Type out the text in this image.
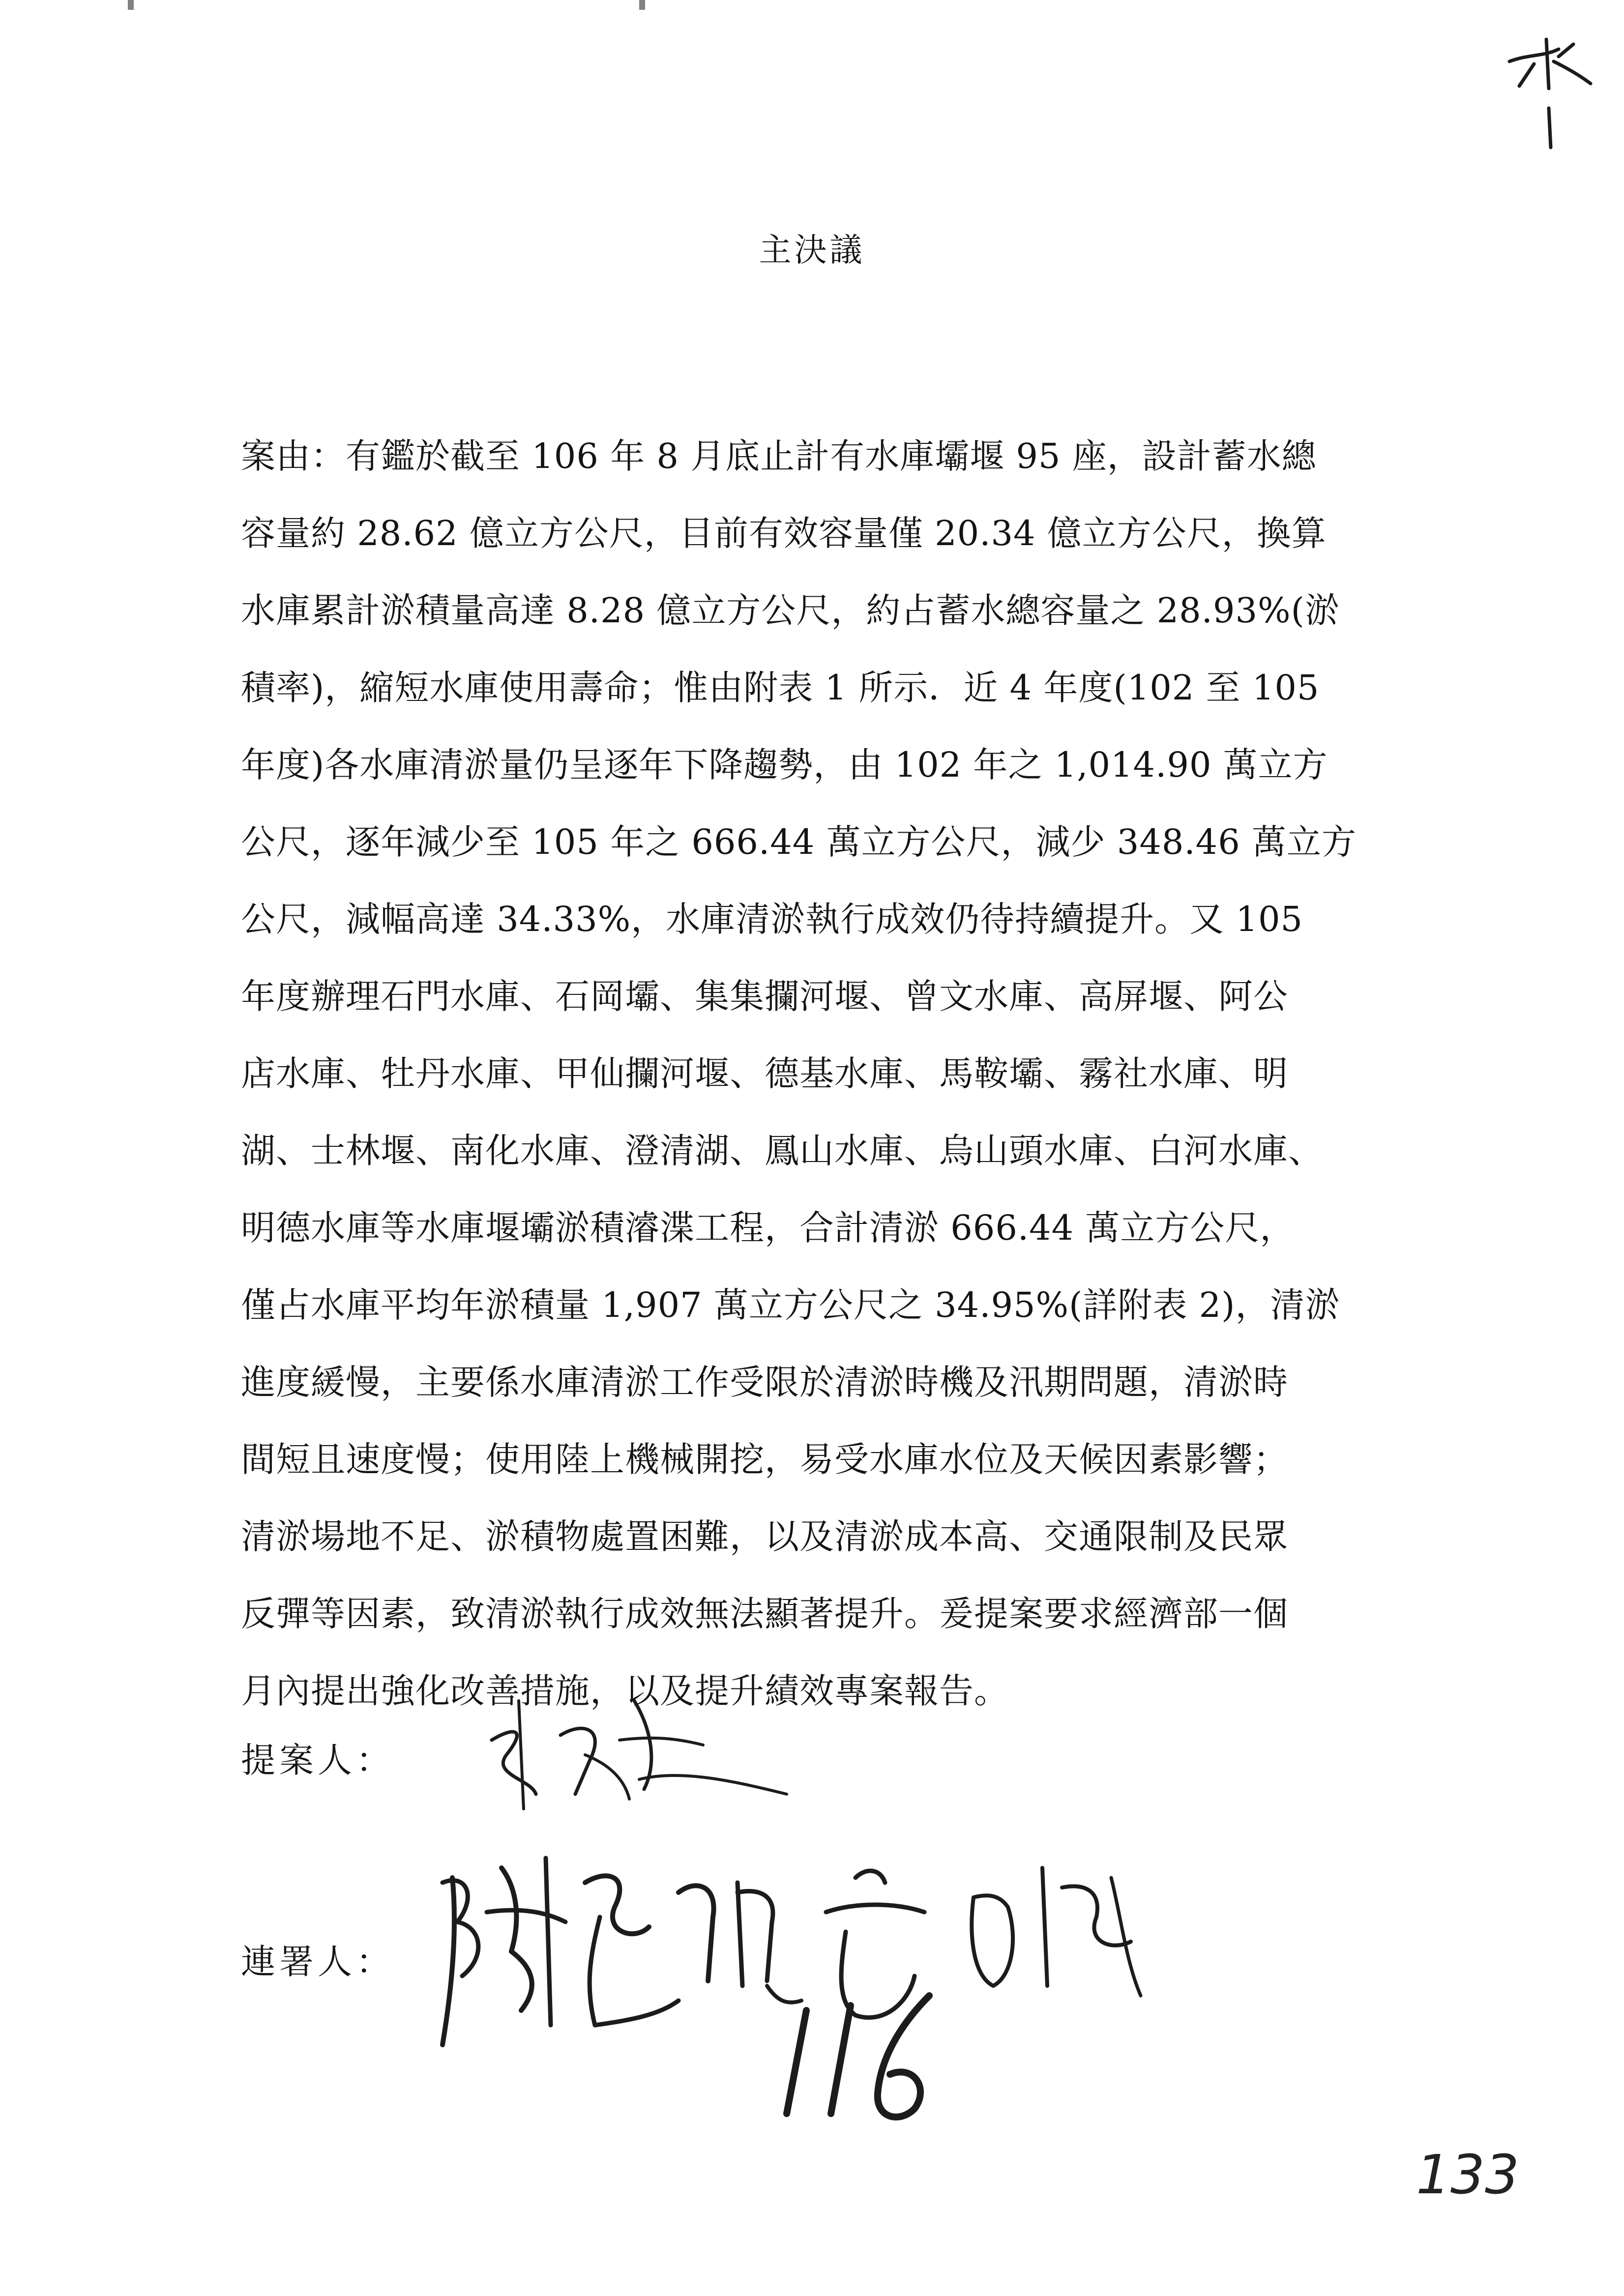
主決議
案由：有鑑於截至 106 年 8 月底止計有水庫壩堰 95 座，設計蓄水總
容量約 28.62 億立方公尺，目前有效容量僅 20.34 億立方公尺，換算
水庫累計淤積量高達 8.28 億立方公尺，約占蓄水總容量之 28.93%(淤
積率)，縮短水庫使用壽命；惟由附表 1 所示．近 4 年度(102 至 105
年度)各水庫清淤量仍呈逐年下降趨勢，由 102 年之 1,014.90 萬立方
公尺，逐年減少至 105 年之 666.44 萬立方公尺，減少 348.46 萬立方
公尺，減幅高達 34.33%，水庫清淤執行成效仍待持續提升。又 105
年度辦理石門水庫、石岡壩、集集攔河堰、曾文水庫、高屏堰、阿公
店水庫、牡丹水庫、甲仙攔河堰、德基水庫、馬鞍壩、霧社水庫、明
湖、士林堰、南化水庫、澄清湖、鳳山水庫、烏山頭水庫、白河水庫、
明德水庫等水庫堰壩淤積濬渫工程，合計清淤 666.44 萬立方公尺，
僅占水庫平均年淤積量 1,907 萬立方公尺之 34.95%(詳附表 2)，清淤
進度緩慢，主要係水庫清淤工作受限於清淤時機及汛期問題，清淤時
間短且速度慢；使用陸上機械開挖，易受水庫水位及天候因素影響；
清淤場地不足、淤積物處置困難，以及清淤成本高、交通限制及民眾
反彈等因素，致清淤執行成效無法顯著提升。爰提案要求經濟部一個
月內提出強化改善措施，以及提升績效專案報告。
提案人：
連署人：
133
